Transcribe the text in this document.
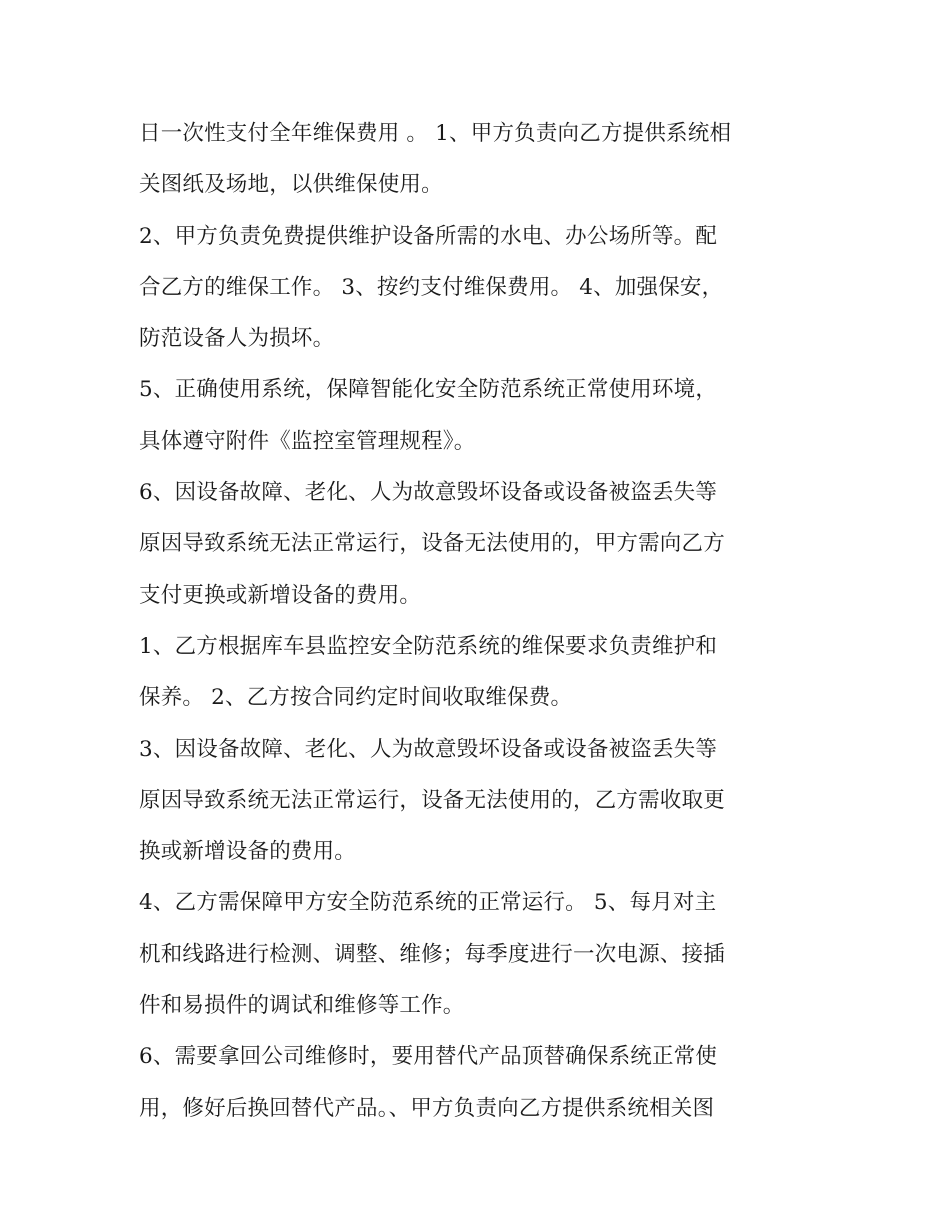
日一次性支付全年维保费用 。 1、甲方负责向乙方提供系统相
关图纸及场地，以供维保使用。
2、甲方负责免费提供维护设备所需的水电、办公场所等。配
合乙方的维保工作。 3、按约支付维保费用。 4、加强保安，
防范设备人为损坏。
5、正确使用系统，保障智能化安全防范系统正常使用环境，
具体遵守附件《监控室管理规程》。
6、因设备故障、老化、人为故意毁坏设备或设备被盗丢失等
原因导致系统无法正常运行，设备无法使用的，甲方需向乙方
支付更换或新增设备的费用。
1、乙方根据库车县监控安全防范系统的维保要求负责维护和
保养。 2、乙方按合同约定时间收取维保费。
3、因设备故障、老化、人为故意毁坏设备或设备被盗丢失等
原因导致系统无法正常运行，设备无法使用的，乙方需收取更
换或新增设备的费用。
4、乙方需保障甲方安全防范系统的正常运行。 5、每月对主
机和线路进行检测、调整、维修；每季度进行一次电源、接插
件和易损件的调试和维修等工作。
6、需要拿回公司维修时，要用替代产品顶替确保系统正常使
用，修好后换回替代产品。、甲方负责向乙方提供系统相关图
